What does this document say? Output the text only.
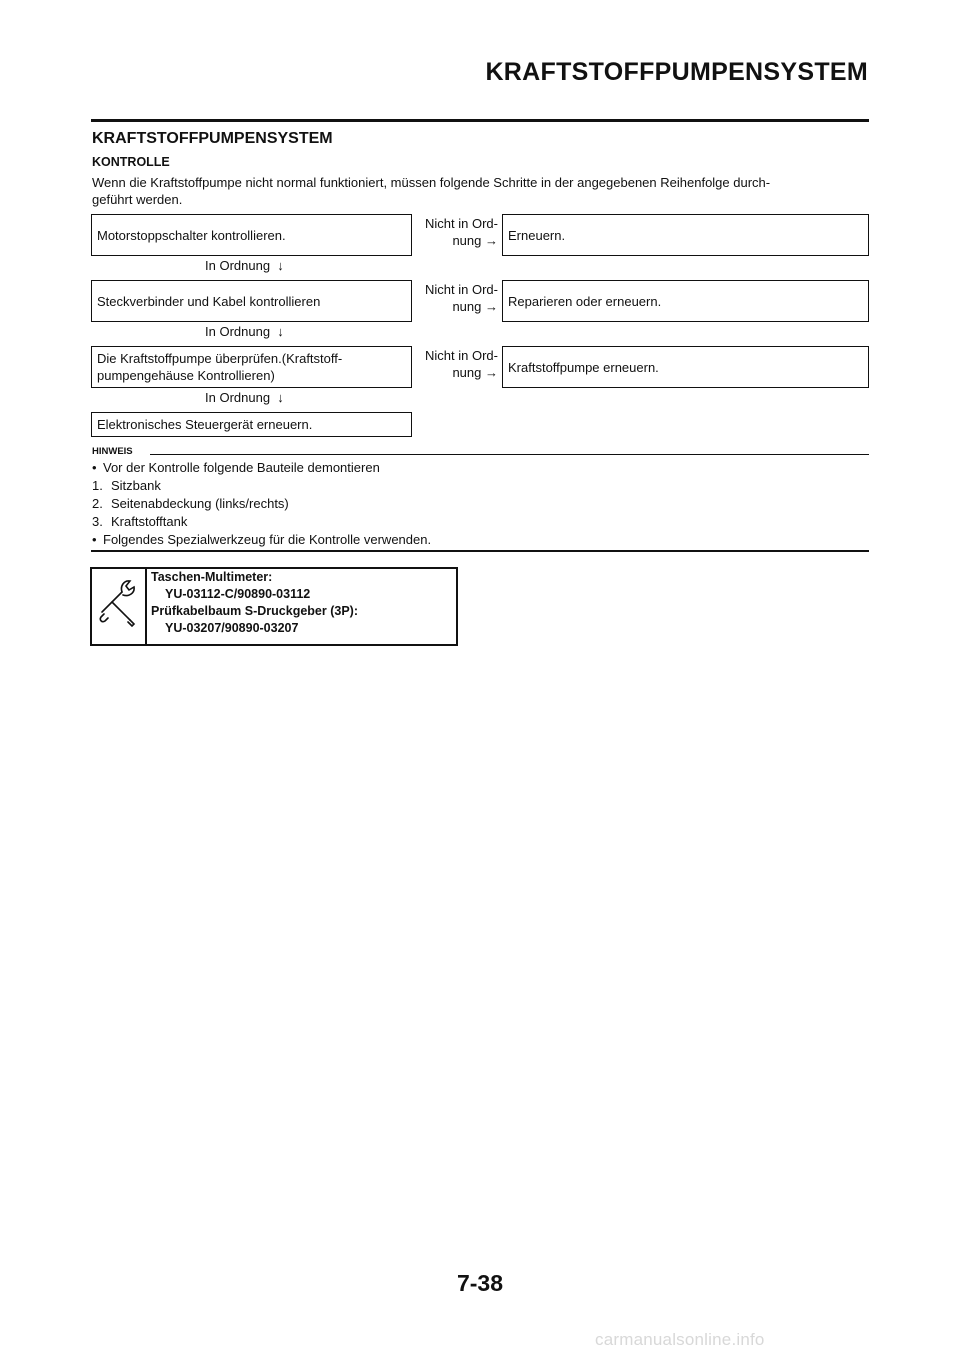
KRAFTSTOFFPUMPENSYSTEM
KRAFTSTOFFPUMPENSYSTEM
KONTROLLE
Wenn die Kraftstoffpumpe nicht normal funktioniert, müssen folgende Schritte in der angegebenen Reihenfolge durch-
geführt werden.
Motorstoppschalter kontrollieren.
Nicht in Ord-
nung → Erneuern.
In Ordnung ↓
Steckverbinder und Kabel kontrollieren
Nicht in Ord-
nung → Reparieren oder erneuern.
In Ordnung ↓
Die Kraftstoffpumpe überprüfen.(Kraftstoff-
pumpengehäuse Kontrollieren)
Nicht in Ord-
nung → Kraftstoffpumpe erneuern.
In Ordnung ↓
Elektronisches Steuergerät erneuern.
HINWEIS
• Vor der Kontrolle folgende Bauteile demontieren
1. Sitzbank
2. Seitenabdeckung (links/rechts)
3. Kraftstofftank
• Folgendes Spezialwerkzeug für die Kontrolle verwenden.
Taschen-Multimeter:
YU-03112-C/90890-03112
Prüfkabelbaum S-Druckgeber (3P):
YU-03207/90890-03207
7-38
carmanualsonline.info
